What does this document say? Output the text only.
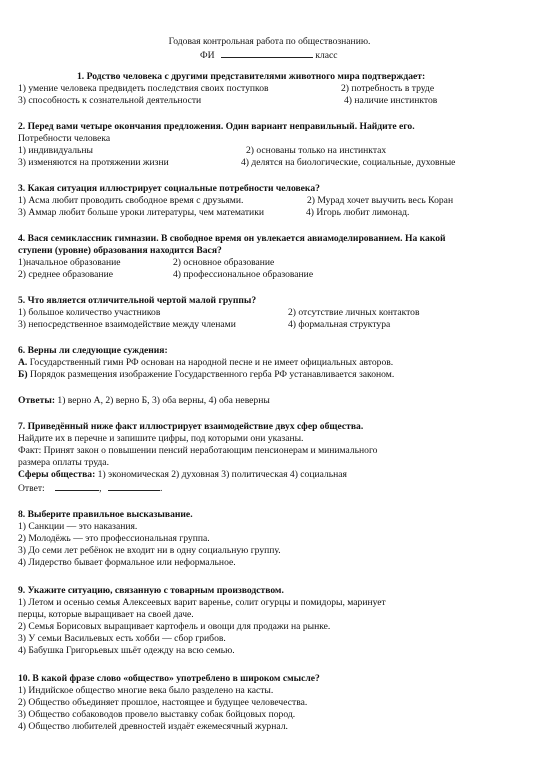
Годовая контрольная работа по обществознанию.
ФИ	класс
1. Родство человека с другими представителями животного мира подтверждает:
1) умение человека предвидеть последствия своих поступков	2) потребность в труде
3) способность к сознательной деятельности	4) наличие инстинктов
2. Перед вами четыре окончания предложения. Один вариант неправильный. Найдите его.
Потребности человека
1) индивидуальны	2) основаны только на инстинктах
3) изменяются на протяжении жизни	4) делятся на биологические, социальные, духовные
3. Какая ситуация иллюстрирует социальные потребности человека?
1) Асма любит проводить свободное время с друзьями.	2) Мурад хочет выучить весь Коран
3) Аммар любит больше уроки литературы, чем математики	4) Игорь любит лимонад.
4. Вася семиклассник гимназии. В свободное время он увлекается авиамоделированием. На какой
ступени (уровне) образования находится Вася?
1)начальное образование	2) основное образование
2) среднее образование	4) профессиональное образование
5. Что является отличительной чертой малой группы?
1) большое количество участников	2) отсутствие личных контактов
3) непосредственное взаимодействие между членами	4) формальная структура
6. Верны ли следующие суждения:
А. Государственный гимн РФ основан на народной песне и не имеет официальных авторов.
Б) Порядок размещения изображение Государственного герба РФ устанавливается законом.
Ответы: 1) верно А, 2) верно Б, 3) оба верны, 4) оба неверны
7. Приведённый ниже факт иллюстрирует взаимодействие двух сфер общества.
Найдите их в перечне и запишите цифры, под которыми они указаны.
Факт: Принят закон о повышении пенсий неработающим пенсионерам и минимального
размера оплаты труда.
Сферы общества: 1) экономическая 2) духовная 3) политическая 4) социальная
Ответ:	,	.
8. Выберите правильное высказывание.
1) Санкции — это наказания.
2) Молодёжь — это профессиональная группа.
3) До семи лет ребёнок не входит ни в одну социальную группу.
4) Лидерство бывает формальное или неформальное.
9. Укажите ситуацию, связанную с товарным производством.
1) Летом и осенью семья Алексеевых варит варенье, солит огурцы и помидоры, маринует
перцы, которые выращивает на своей даче.
2) Семья Борисовых выращивает картофель и овощи для продажи на рынке.
3) У семьи Васильевых есть хобби — сбор грибов.
4) Бабушка Григорьевых шьёт одежду на всю семью.
10. В какой фразе слово «общество» употреблено в широком смысле?
1) Индийское общество многие века было разделено на касты.
2) Общество объединяет прошлое, настоящее и будущее человечества.
3) Общество собаководов провело выставку собак бойцовых пород.
4) Общество любителей древностей издаёт ежемесячный журнал.
